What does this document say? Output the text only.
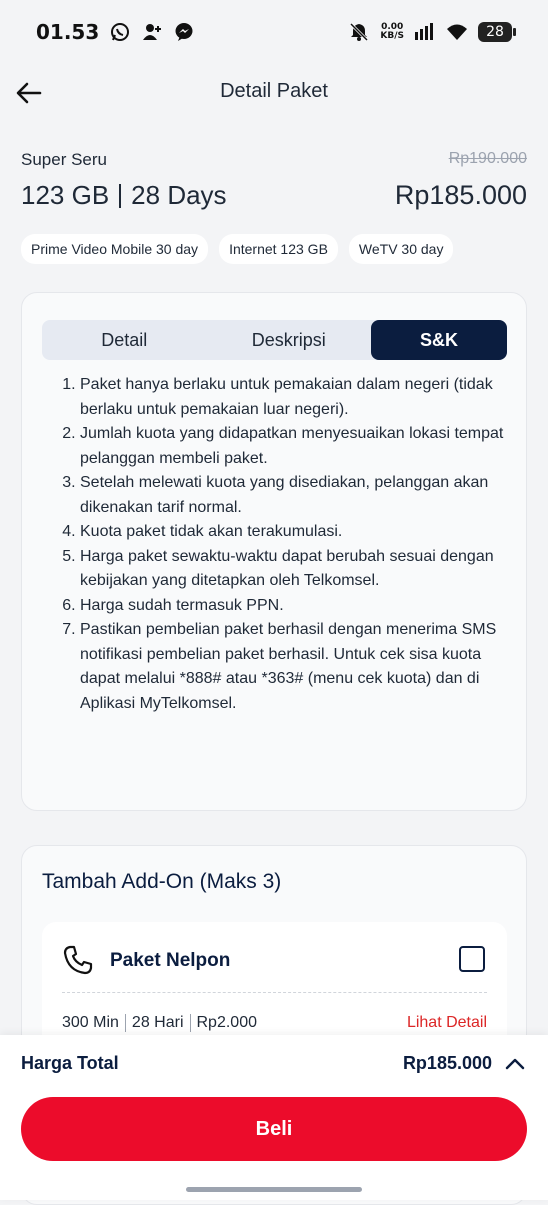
01.53	0.00
KB/S	28
Detail Paket
Super Seru	Rp190.000
123 GB 28 Days	Rp185.000
Prime Video Mobile 30 day	Internet 123 GB	WeTV 30 day
Detail	Deskripsi	S&K
1. Paket hanya berlaku untuk pemakaian dalam negeri (tidak berlaku untuk pemakaian luar negeri).
2. Jumlah kuota yang didapatkan menyesuaikan lokasi tempat pelanggan membeli paket.
3. Setelah melewati kuota yang disediakan, pelanggan akan dikenakan tarif normal.
4. Kuota paket tidak akan terakumulasi.
5. Harga paket sewaktu-waktu dapat berubah sesuai dengan kebijakan yang ditetapkan oleh Telkomsel.
6. Harga sudah termasuk PPN.
7. Pastikan pembelian paket berhasil dengan menerima SMS notifikasi pembelian paket berhasil. Untuk cek sisa kuota dapat melalui *888# atau *363# (menu cek kuota) dan di Aplikasi MyTelkomsel.
Tambah Add-On (Maks 3)
Paket Nelpon
300 Min 28 Hari Rp2.000	Lihat Detail
Harga Total	Rp185.000
Beli
